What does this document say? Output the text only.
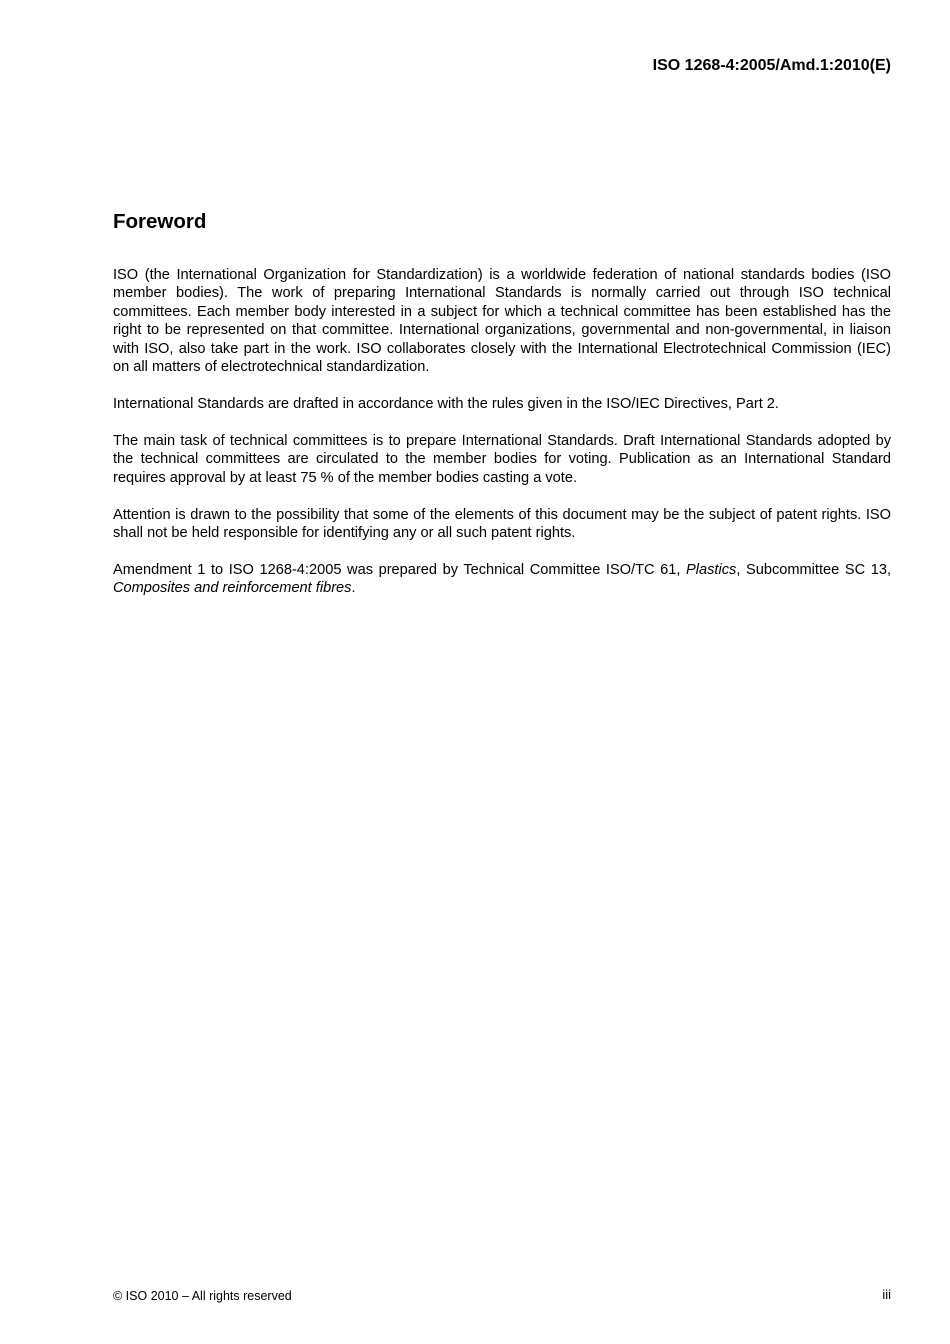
ISO 1268-4:2005/Amd.1:2010(E)
Foreword

ISO (the International Organization for Standardization) is a worldwide federation of national standards bodies (ISO member bodies). The work of preparing International Standards is normally carried out through ISO technical committees. Each member body interested in a subject for which a technical committee has been established has the right to be represented on that committee. International organizations, governmental and non-governmental, in liaison with ISO, also take part in the work. ISO collaborates closely with the International Electrotechnical Commission (IEC) on all matters of electrotechnical standardization.

International Standards are drafted in accordance with the rules given in the ISO/IEC Directives, Part 2.

The main task of technical committees is to prepare International Standards. Draft International Standards adopted by the technical committees are circulated to the member bodies for voting. Publication as an International Standard requires approval by at least 75 % of the member bodies casting a vote.

Attention is drawn to the possibility that some of the elements of this document may be the subject of patent rights. ISO shall not be held responsible for identifying any or all such patent rights.

Amendment 1 to ISO 1268-4:2005 was prepared by Technical Committee ISO/TC 61, Plastics, Subcommittee SC 13, Composites and reinforcement fibres.

© ISO 2010 – All rights reserved	iii
